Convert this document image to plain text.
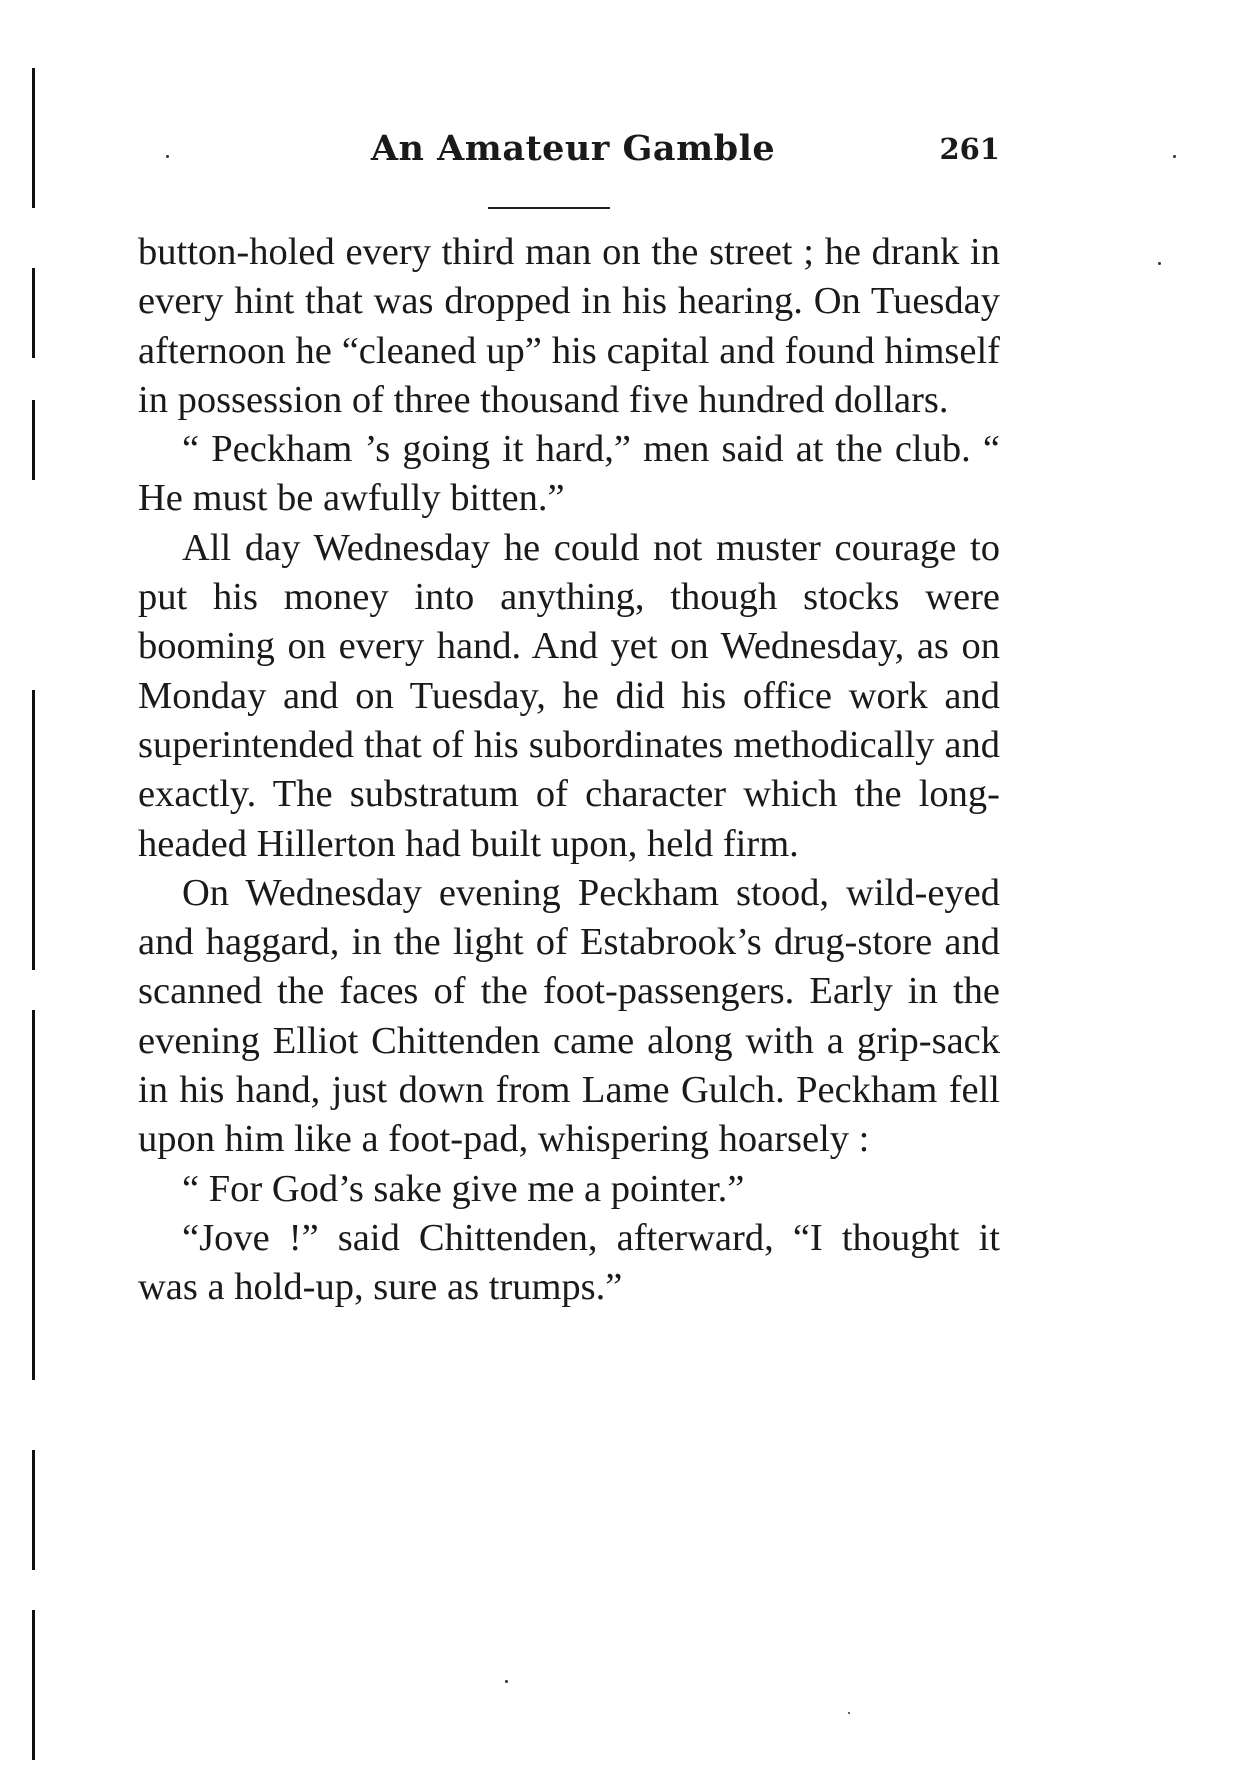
An Amateur Gamble	261

button-holed every third man on the street ; he drank in every hint that was dropped in his hearing. On Tuesday afternoon he “cleaned up” his capital and found himself in possession of three thousand five hundred dollars.

“ Peckham ’s going it hard,” men said at the club. “ He must be awfully bitten.”

All day Wednesday he could not muster courage to put his money into anything, though stocks were booming on every hand. And yet on Wednesday, as on Monday and on Tuesday, he did his office work and superintended that of his subordinates methodically and exactly. The substratum of character which the long-headed Hillerton had built upon, held firm.

On Wednesday evening Peckham stood, wild-eyed and haggard, in the light of Estabrook’s drug-store and scanned the faces of the foot-passengers. Early in the evening Elliot Chittenden came along with a grip-sack in his hand, just down from Lame Gulch. Peckham fell upon him like a foot-pad, whispering hoarsely :

“ For God’s sake give me a pointer.”

“Jove !” said Chittenden, afterward, “I thought it was a hold-up, sure as trumps.”
